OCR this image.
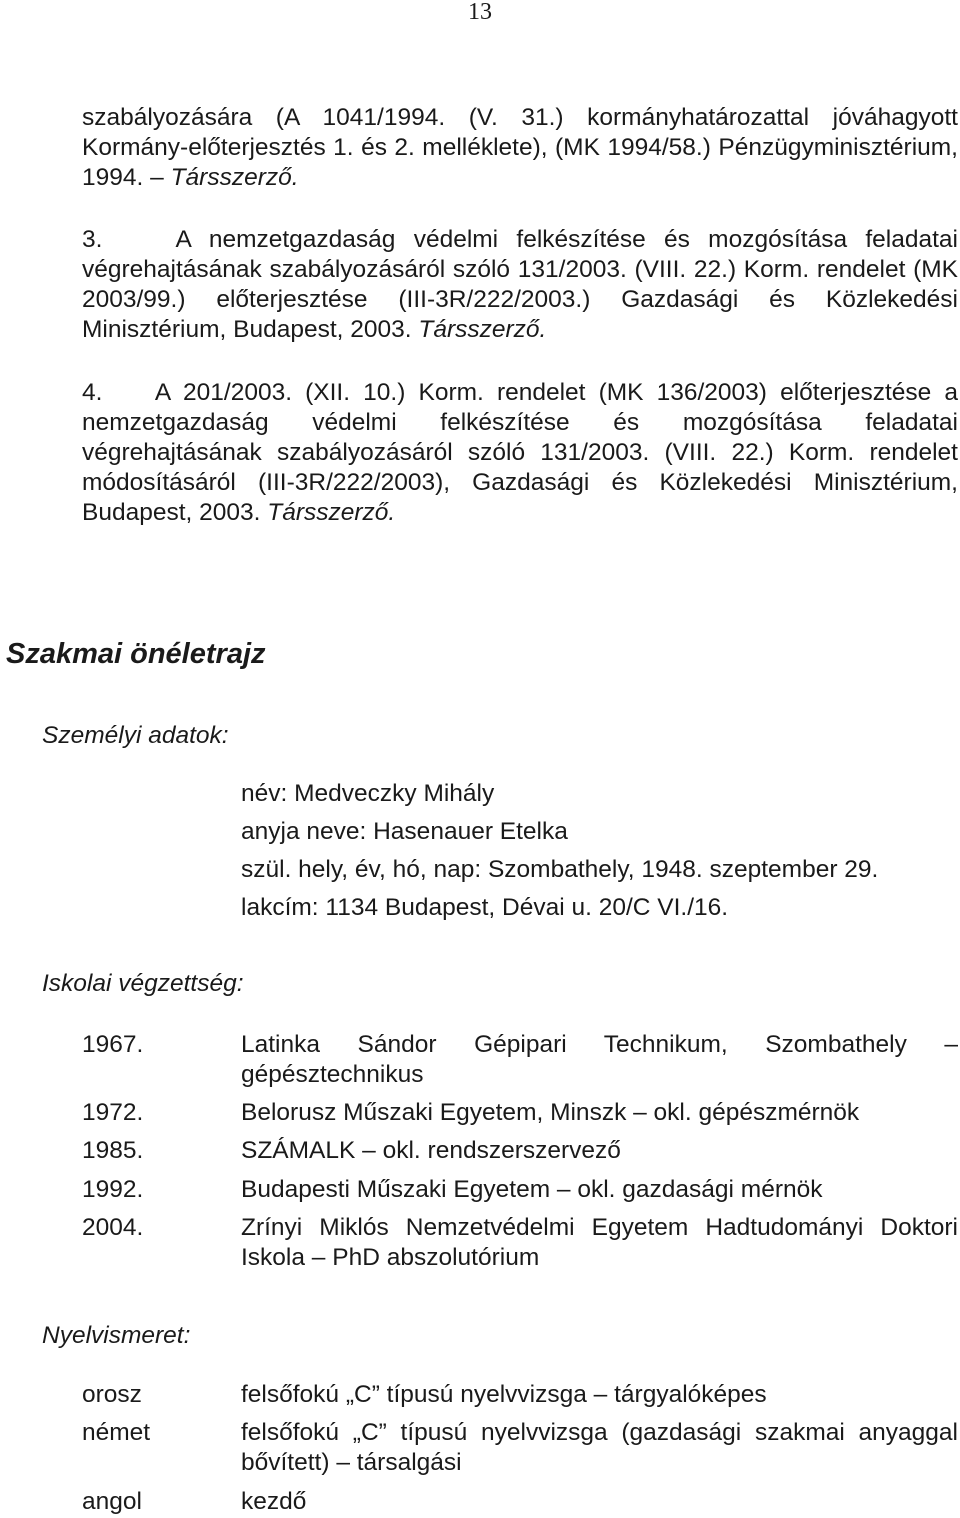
13
szabályozására (A 1041/1994. (V. 31.) kormányhatározattal jóváhagyott Kormány-előterjesztés 1. és 2. melléklete), (MK 1994/58.) Pénzügyminisztérium, 1994. – Társszerző.
3.	A nemzetgazdaság védelmi felkészítése és mozgósítása feladatai végrehajtásának szabályozásáról szóló 131/2003. (VIII. 22.) Korm. rendelet (MK 2003/99.) előterjesztése (III-3R/222/2003.) Gazdasági és Közlekedési Minisztérium, Budapest, 2003. Társszerző.
4. A 201/2003. (XII. 10.) Korm. rendelet (MK 136/2003) előterjesztése a nemzetgazdaság védelmi felkészítése és mozgósítása feladatai végrehajtásának szabályozásáról szóló 131/2003. (VIII. 22.) Korm. rendelet módosításáról (III-3R/222/2003), Gazdasági és Közlekedési Minisztérium, Budapest, 2003. Társszerző.
Szakmai önéletrajz
Személyi adatok:
név: Medveczky Mihály
anyja neve: Hasenauer Etelka
szül. hely, év, hó, nap: Szombathely, 1948. szeptember 29.
lakcím: 1134 Budapest, Dévai u. 20/C VI./16.
Iskolai végzettség:
1967.	Latinka Sándor Gépipari Technikum, Szombathely – gépésztechnikus
1972.	Belorusz Műszaki Egyetem, Minszk – okl. gépészmérnök
1985.	SZÁMALK – okl. rendszerszervező
1992.	Budapesti Műszaki Egyetem – okl. gazdasági mérnök
2004.	Zrínyi Miklós Nemzetvédelmi Egyetem Hadtudományi Doktori Iskola – PhD abszolutórium
Nyelvismeret:
orosz	felsőfokú „C” típusú nyelvvizsga – tárgyalóképes
német	felsőfokú „C” típusú nyelvvizsga (gazdasági szakmai anyaggal bővített) – társalgási
angol	kezdő
